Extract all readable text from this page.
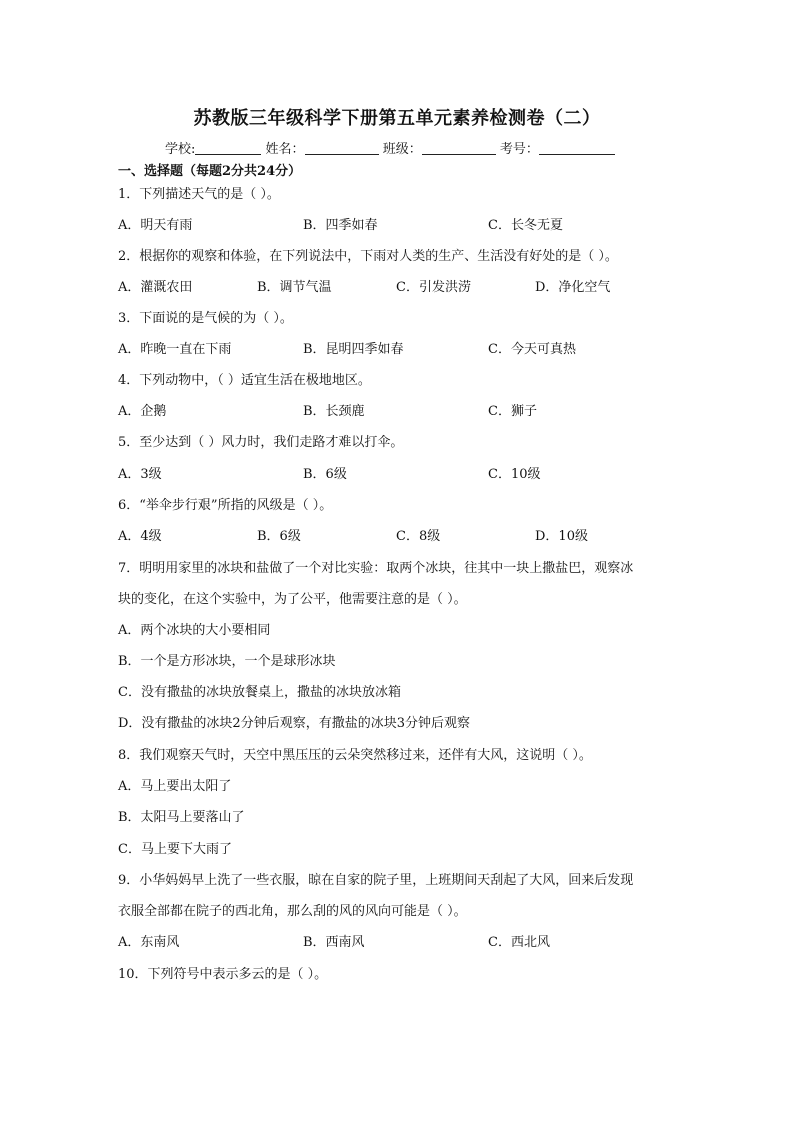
苏教版三年级科学下册第五单元素养检测卷（二）
学校:	姓名：	班级：	考号：
一、选择题（每题2分共24分）
1．下列描述天气的是（ ）。
A．明天有雨	B．四季如春	C．长冬无夏
2．根据你的观察和体验，在下列说法中，下雨对人类的生产、生活没有好处的是（ ）。
A．灌溉农田	B．调节气温	C．引发洪涝	D．净化空气
3．下面说的是气候的为（ ）。
A．昨晚一直在下雨	B．昆明四季如春	C．今天可真热
4．下列动物中，（ ）适宜生活在极地地区。
A．企鹅	B．长颈鹿	C．狮子
5．至少达到（ ）风力时，我们走路才难以打伞。
A．3级	B．6级	C．10级
6．“举伞步行艰”所指的风级是（ ）。
A．4级	B．6级	C．8级	D．10级
7．明明用家里的冰块和盐做了一个对比实验：取两个冰块，往其中一块上撒盐巴，观察冰
块的变化，在这个实验中，为了公平，他需要注意的是（ ）。
A．两个冰块的大小要相同
B．一个是方形冰块，一个是球形冰块
C．没有撒盐的冰块放餐桌上，撒盐的冰块放冰箱
D．没有撒盐的冰块2分钟后观察，有撒盐的冰块3分钟后观察
8．我们观察天气时，天空中黑压压的云朵突然移过来，还伴有大风，这说明（ ）。
A．马上要出太阳了
B．太阳马上要落山了
C．马上要下大雨了
9．小华妈妈早上洗了一些衣服，晾在自家的院子里，上班期间天刮起了大风，回来后发现
衣服全部都在院子的西北角，那么刮的风的风向可能是（ ）。
A．东南风	B．西南风	C．西北风
10．下列符号中表示多云的是（ ）。
